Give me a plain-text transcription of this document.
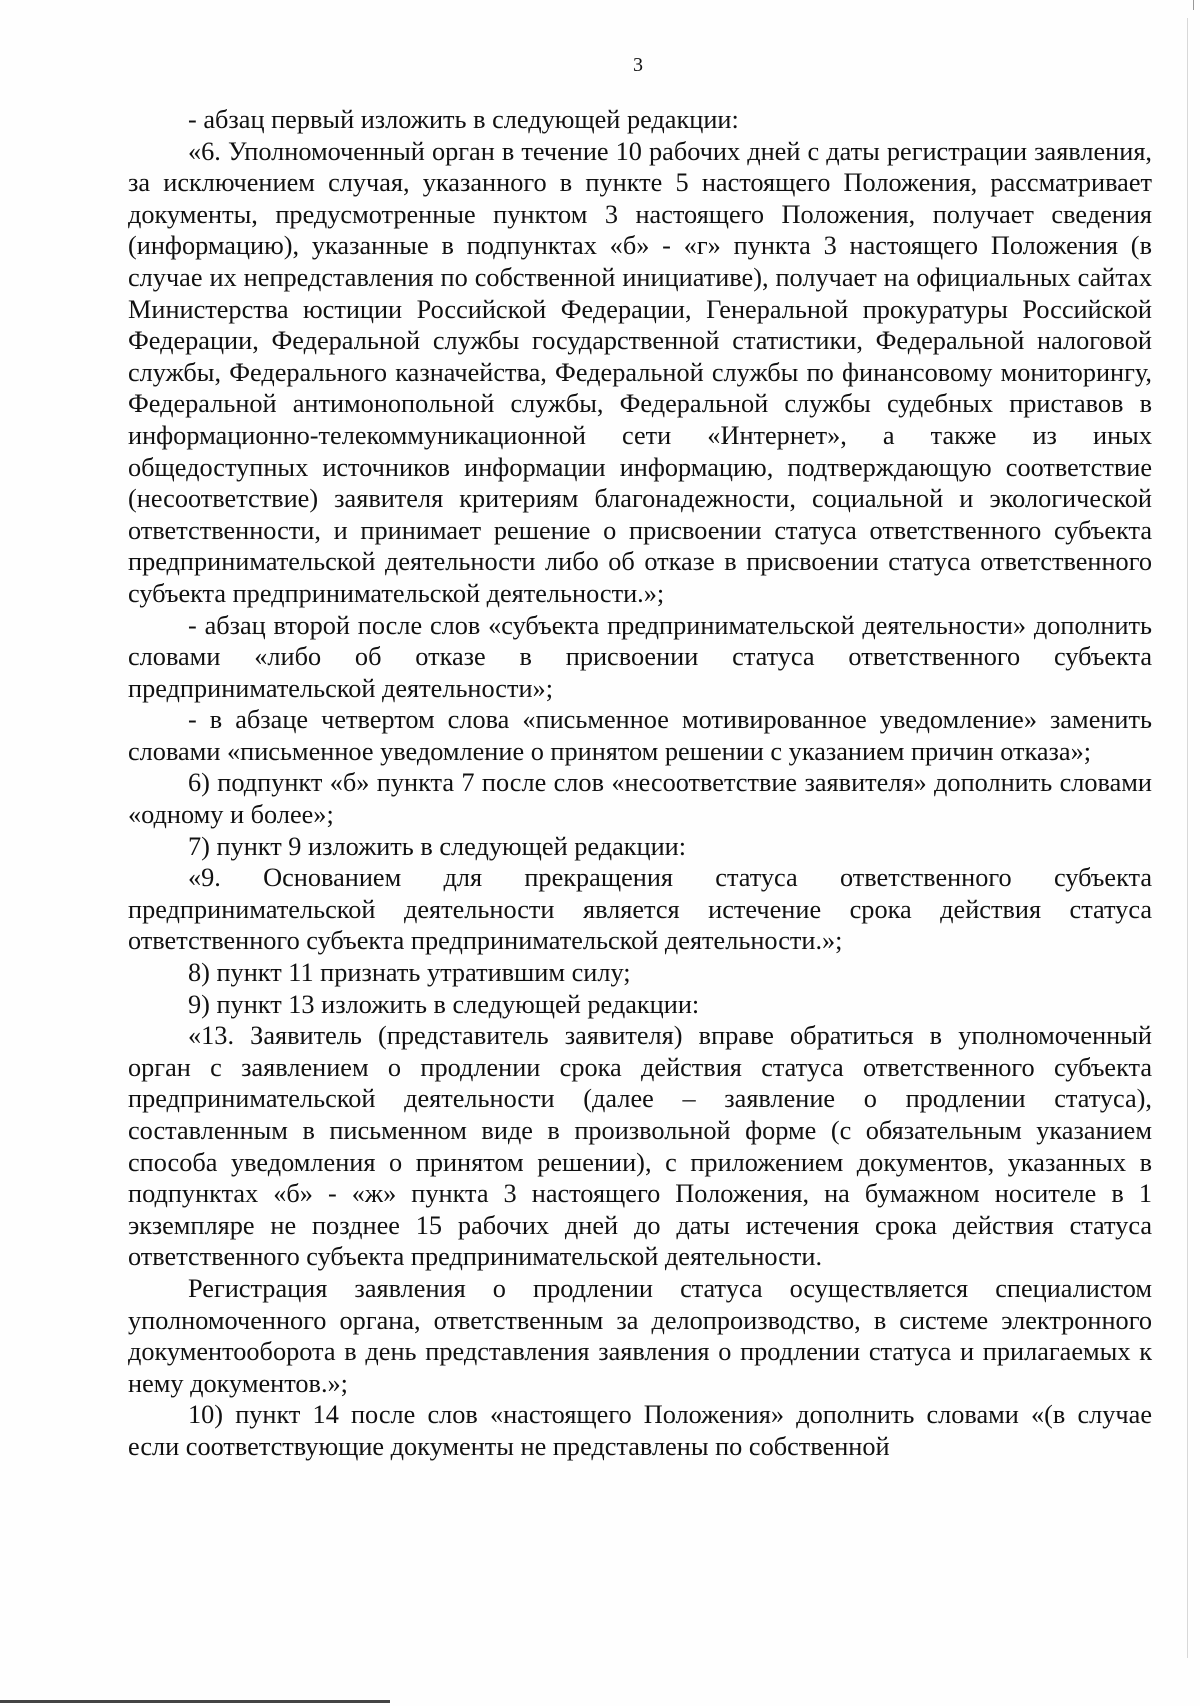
3

- абзац первый изложить в следующей редакции:

«6. Уполномоченный орган в течение 10 рабочих дней с даты регистрации заявления, за исключением случая, указанного в пункте 5 настоящего Положения, рассматривает документы, предусмотренные пунктом 3 настоящего Положения, получает сведения (информацию), указанные в подпунктах «б» - «г» пункта 3 настоящего Положения (в случае их непредставления по собственной инициативе), получает на официальных сайтах Министерства юстиции Российской Федерации, Генеральной прокуратуры Российской Федерации, Федеральной службы государственной статистики, Федеральной налоговой службы, Федерального казначейства, Федеральной службы по финансовому мониторингу, Федеральной антимонопольной службы, Федеральной службы судебных приставов в информационно-телекоммуникационной сети «Интернет», а также из иных общедоступных источников информации информацию, подтверждающую соответствие (несоответствие) заявителя критериям благонадежности, социальной и экологической ответственности, и принимает решение о присвоении статуса ответственного субъекта предпринимательской деятельности либо об отказе в присвоении статуса ответственного субъекта предпринимательской деятельности.»;

- абзац второй после слов «субъекта предпринимательской деятельности» дополнить словами «либо об отказе в присвоении статуса ответственного субъекта предпринимательской деятельности»;

- в абзаце четвертом слова «письменное мотивированное уведомление» заменить словами «письменное уведомление о принятом решении с указанием причин отказа»;

6) подпункт «б» пункта 7 после слов «несоответствие заявителя» дополнить словами «одному и более»;

7) пункт 9 изложить в следующей редакции:

«9. Основанием для прекращения статуса ответственного субъекта предпринимательской деятельности является истечение срока действия статуса ответственного субъекта предпринимательской деятельности.»;

8) пункт 11 признать утратившим силу;

9) пункт 13 изложить в следующей редакции:

«13. Заявитель (представитель заявителя) вправе обратиться в уполномоченный орган с заявлением о продлении срока действия статуса ответственного субъекта предпринимательской деятельности (далее – заявление о продлении статуса), составленным в письменном виде в произвольной форме (с обязательным указанием способа уведомления о принятом решении), с приложением документов, указанных в подпунктах «б» - «ж» пункта 3 настоящего Положения, на бумажном носителе в 1 экземпляре не позднее 15 рабочих дней до даты истечения срока действия статуса ответственного субъекта предпринимательской деятельности.

Регистрация заявления о продлении статуса осуществляется специалистом уполномоченного органа, ответственным за делопроизводство, в системе электронного документооборота в день представления заявления о продлении статуса и прилагаемых к нему документов.»;

10) пункт 14 после слов «настоящего Положения» дополнить словами «(в случае если соответствующие документы не представлены по собственной
